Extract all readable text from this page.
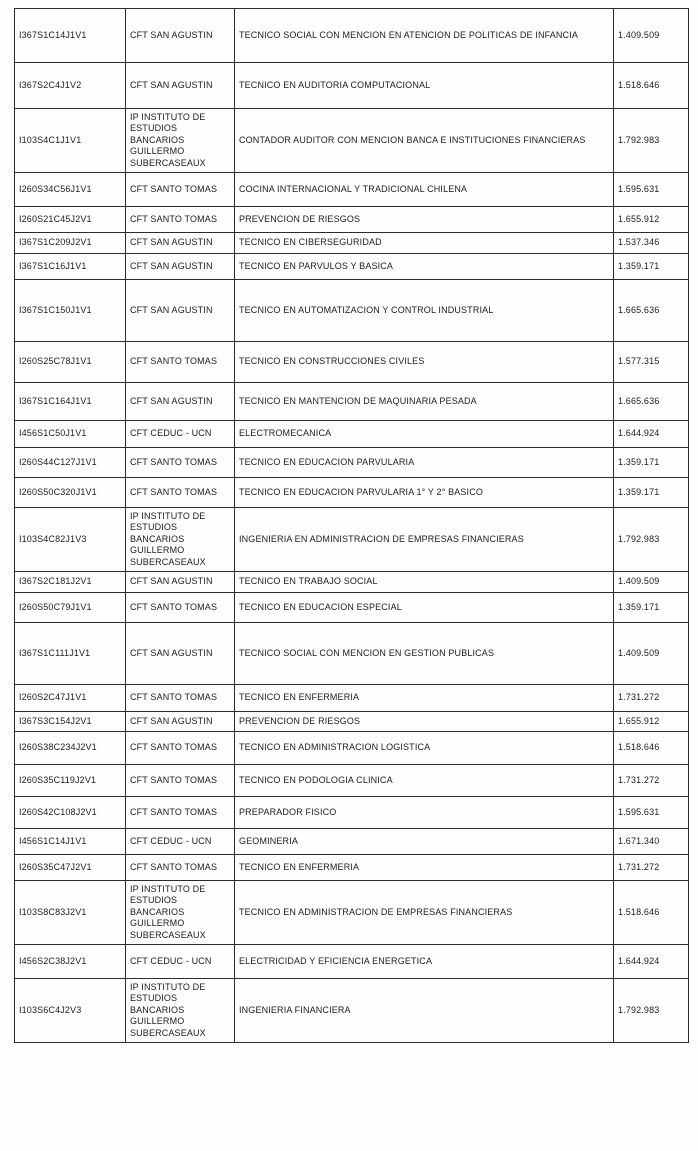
I367S1C14J1V1	CFT SAN AGUSTIN	TECNICO SOCIAL CON MENCION EN ATENCION DE POLITICAS DE INFANCIA	1.409.509
I367S2C4J1V2	CFT SAN AGUSTIN	TECNICO EN AUDITORIA COMPUTACIONAL	1.518.646
I103S4C1J1V1	IP INSTITUTO DE ESTUDIOS BANCARIOS GUILLERMO SUBERCASEAUX	CONTADOR AUDITOR CON MENCION BANCA E INSTITUCIONES FINANCIERAS	1.792.983
I260S34C56J1V1	CFT SANTO TOMAS	COCINA INTERNACIONAL Y TRADICIONAL CHILENA	1.595.631
I260S21C45J2V1	CFT SANTO TOMAS	PREVENCION DE RIESGOS	1.655.912
I367S1C209J2V1	CFT SAN AGUSTIN	TECNICO EN CIBERSEGURIDAD	1.537.346
I367S1C16J1V1	CFT SAN AGUSTIN	TECNICO EN PARVULOS Y BASICA	1.359.171
I367S1C150J1V1	CFT SAN AGUSTIN	TECNICO EN AUTOMATIZACION Y CONTROL INDUSTRIAL	1.665.636
I260S25C78J1V1	CFT SANTO TOMAS	TECNICO EN CONSTRUCCIONES CIVILES	1.577.315
I367S1C164J1V1	CFT SAN AGUSTIN	TECNICO EN MANTENCION DE MAQUINARIA PESADA	1.665.636
I456S1C50J1V1	CFT CEDUC - UCN	ELECTROMECANICA	1.644.924
I260S44C127J1V1	CFT SANTO TOMAS	TECNICO EN EDUCACION PARVULARIA	1.359.171
I260S50C320J1V1	CFT SANTO TOMAS	TECNICO EN EDUCACION PARVULARIA 1° Y 2° BASICO	1.359.171
I103S4C82J1V3	IP INSTITUTO DE ESTUDIOS BANCARIOS GUILLERMO SUBERCASEAUX	INGENIERIA EN ADMINISTRACION DE EMPRESAS FINANCIERAS	1.792.983
I367S2C181J2V1	CFT SAN AGUSTIN	TECNICO EN TRABAJO SOCIAL	1.409.509
I260S50C79J1V1	CFT SANTO TOMAS	TECNICO EN EDUCACION ESPECIAL	1.359.171
I367S1C111J1V1	CFT SAN AGUSTIN	TECNICO SOCIAL CON MENCION EN GESTION PUBLICAS	1.409.509
I260S2C47J1V1	CFT SANTO TOMAS	TECNICO EN ENFERMERIA	1.731.272
I367S3C154J2V1	CFT SAN AGUSTIN	PREVENCION DE RIESGOS	1.655.912
I260S38C234J2V1	CFT SANTO TOMAS	TECNICO EN ADMINISTRACION LOGISTICA	1.518.646
I260S35C119J2V1	CFT SANTO TOMAS	TECNICO EN PODOLOGIA CLINICA	1.731.272
I260S42C108J2V1	CFT SANTO TOMAS	PREPARADOR FISICO	1.595.631
I456S1C14J1V1	CFT CEDUC - UCN	GEOMINERIA	1.671.340
I260S35C47J2V1	CFT SANTO TOMAS	TECNICO EN ENFERMERIA	1.731.272
I103S8C83J2V1	IP INSTITUTO DE ESTUDIOS BANCARIOS GUILLERMO SUBERCASEAUX	TECNICO EN ADMINISTRACION DE EMPRESAS FINANCIERAS	1.518.646
I456S2C38J2V1	CFT CEDUC - UCN	ELECTRICIDAD Y EFICIENCIA ENERGETICA	1.644.924
I103S6C4J2V3	IP INSTITUTO DE ESTUDIOS BANCARIOS GUILLERMO SUBERCASEAUX	INGENIERIA FINANCIERA	1.792.983
